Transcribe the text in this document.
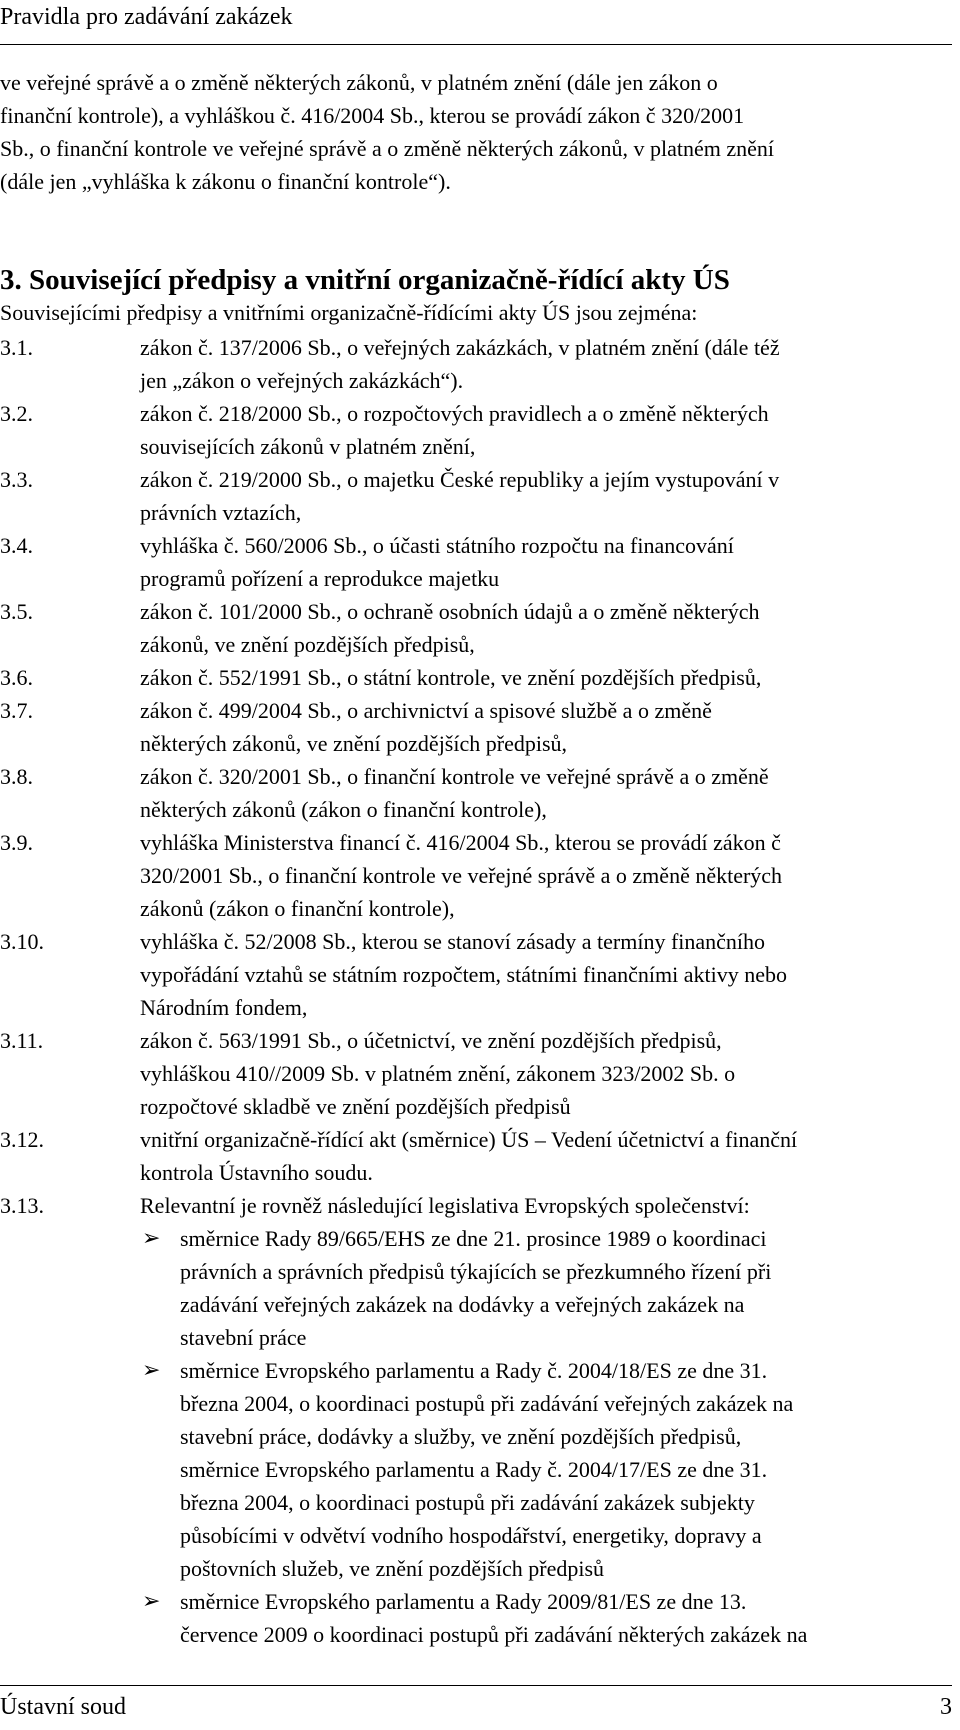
Pravidla pro zadávání zakázek
ve veřejné správě a o změně některých zákonů, v platném znění (dále jen zákon o
finanční kontrole), a vyhláškou č. 416/2004 Sb., kterou se provádí zákon č 320/2001
Sb., o finanční kontrole ve veřejné správě a o změně některých zákonů, v platném znění
(dále jen „vyhláška k zákonu o finanční kontrole“).
3. Související předpisy a vnitřní organizačně-řídící akty ÚS
Souvisejícími předpisy a vnitřními organizačně-řídícími akty ÚS jsou zejména:
3.1.	zákon č. 137/2006 Sb., o veřejných zakázkách, v platném znění (dále též
jen „zákon o veřejných zakázkách“).
3.2.	zákon č. 218/2000 Sb., o rozpočtových pravidlech a o změně některých
souvisejících zákonů v platném znění,
3.3.	zákon č. 219/2000 Sb., o majetku České republiky a jejím vystupování v
právních vztazích,
3.4.	vyhláška č. 560/2006 Sb., o účasti státního rozpočtu na financování
programů pořízení a reprodukce majetku
3.5.	zákon č. 101/2000 Sb., o ochraně osobních údajů a o změně některých
zákonů, ve znění pozdějších předpisů,
3.6.	zákon č. 552/1991 Sb., o státní kontrole, ve znění pozdějších předpisů,
3.7.	zákon č. 499/2004 Sb., o archivnictví a spisové službě a o změně
některých zákonů, ve znění pozdějších předpisů,
3.8.	zákon č. 320/2001 Sb., o finanční kontrole ve veřejné správě a o změně
některých zákonů (zákon o finanční kontrole),
3.9.	vyhláška Ministerstva financí č. 416/2004 Sb., kterou se provádí zákon č
320/2001 Sb., o finanční kontrole ve veřejné správě a o změně některých
zákonů (zákon o finanční kontrole),
3.10.	vyhláška č. 52/2008 Sb., kterou se stanoví zásady a termíny finančního
vypořádání vztahů se státním rozpočtem, státními finančními aktivy nebo
Národním fondem,
3.11.	zákon č. 563/1991 Sb., o účetnictví, ve znění pozdějších předpisů,
vyhláškou 410//2009 Sb. v platném znění, zákonem 323/2002 Sb. o
rozpočtové skladbě ve znění pozdějších předpisů
3.12.	vnitřní organizačně-řídící akt (směrnice) ÚS – Vedení účetnictví a finanční
kontrola Ústavního soudu.
3.13.	Relevantní je rovněž následující legislativa Evropských společenství:
➢ směrnice Rady 89/665/EHS ze dne 21. prosince 1989 o koordinaci
právních a správních předpisů týkajících se přezkumného řízení při
zadávání veřejných zakázek na dodávky a veřejných zakázek na
stavební práce
➢ směrnice Evropského parlamentu a Rady č. 2004/18/ES ze dne 31.
března 2004, o koordinaci postupů při zadávání veřejných zakázek na
stavební práce, dodávky a služby, ve znění pozdějších předpisů,
směrnice Evropského parlamentu a Rady č. 2004/17/ES ze dne 31.
března 2004, o koordinaci postupů při zadávání zakázek subjekty
působícími v odvětví vodního hospodářství, energetiky, dopravy a
poštovních služeb, ve znění pozdějších předpisů
➢ směrnice Evropského parlamentu a Rady 2009/81/ES ze dne 13.
července 2009 o koordinaci postupů při zadávání některých zakázek na
Ústavní soud	3
